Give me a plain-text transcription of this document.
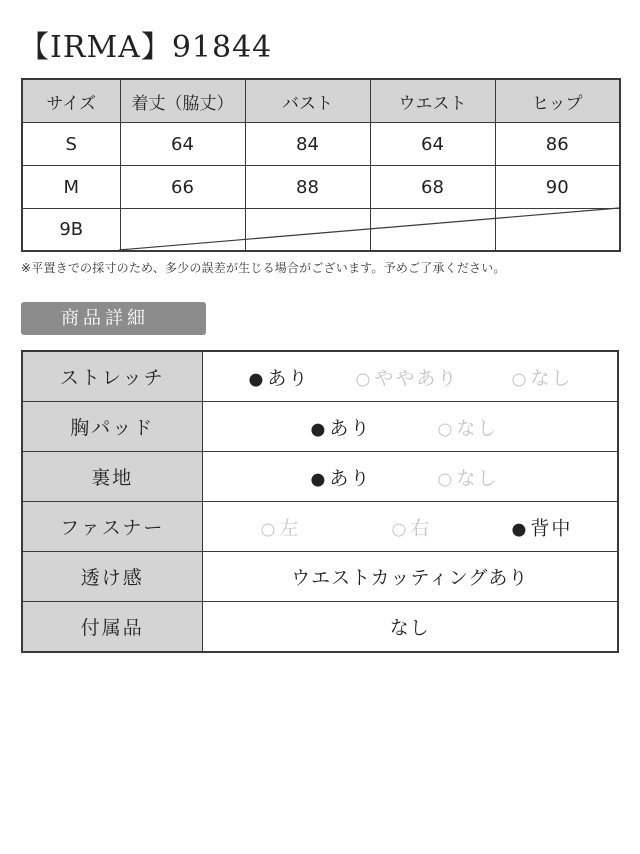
【IRMA】91844
サイズ	着丈（脇丈）	バスト	ウエスト	ヒップ
S	64	84	64	86
M	66	88	68	90
9B				
※平置きでの採寸のため、多少の誤差が生じる場合がございます。予めご了承ください。
商品詳細
ストレッチ	● あり ○ ややあり ○ なし

胸パッド	● あり ○ なし

裏地	● あり ○ なし

ファスナー	○ 左 ○ 右 ● 背中

透け感	ウエストカッティングあり
付属品	なし
